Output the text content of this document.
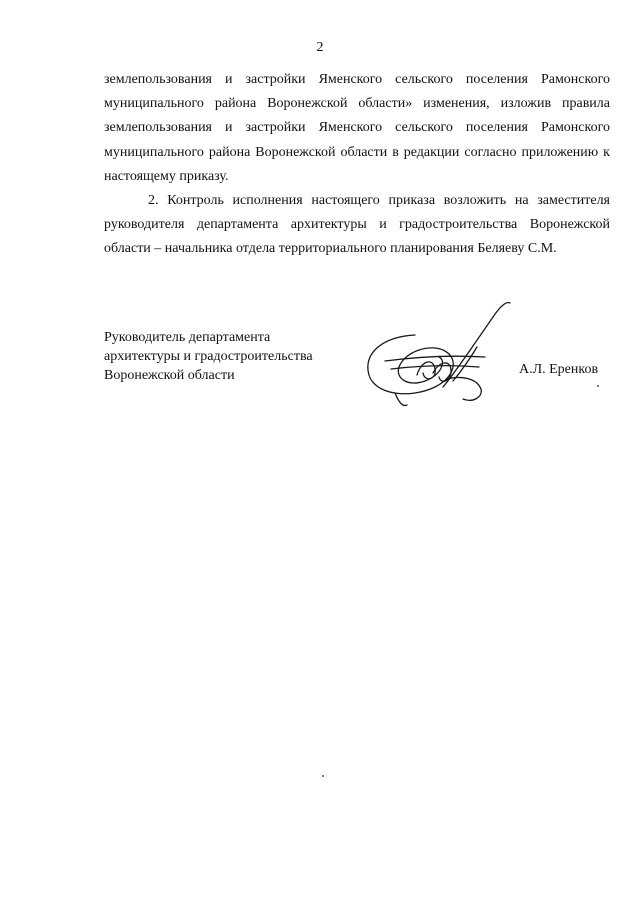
2

землепользования и застройки Яменского сельского поселения Рамонского муниципального района Воронежской области» изменения, изложив правила землепользования и застройки Яменского сельского поселения Рамонского муниципального района Воронежской области в редакции согласно приложению к настоящему приказу.

2. Контроль исполнения настоящего приказа возложить на заместителя руководителя департамента архитектуры и градостроительства Воронежской области – начальника отдела территориального планирования Беляеву С.М.

Руководитель департамента
архитектуры и градостроительства
Воронежской области	А.Л. Еренков
